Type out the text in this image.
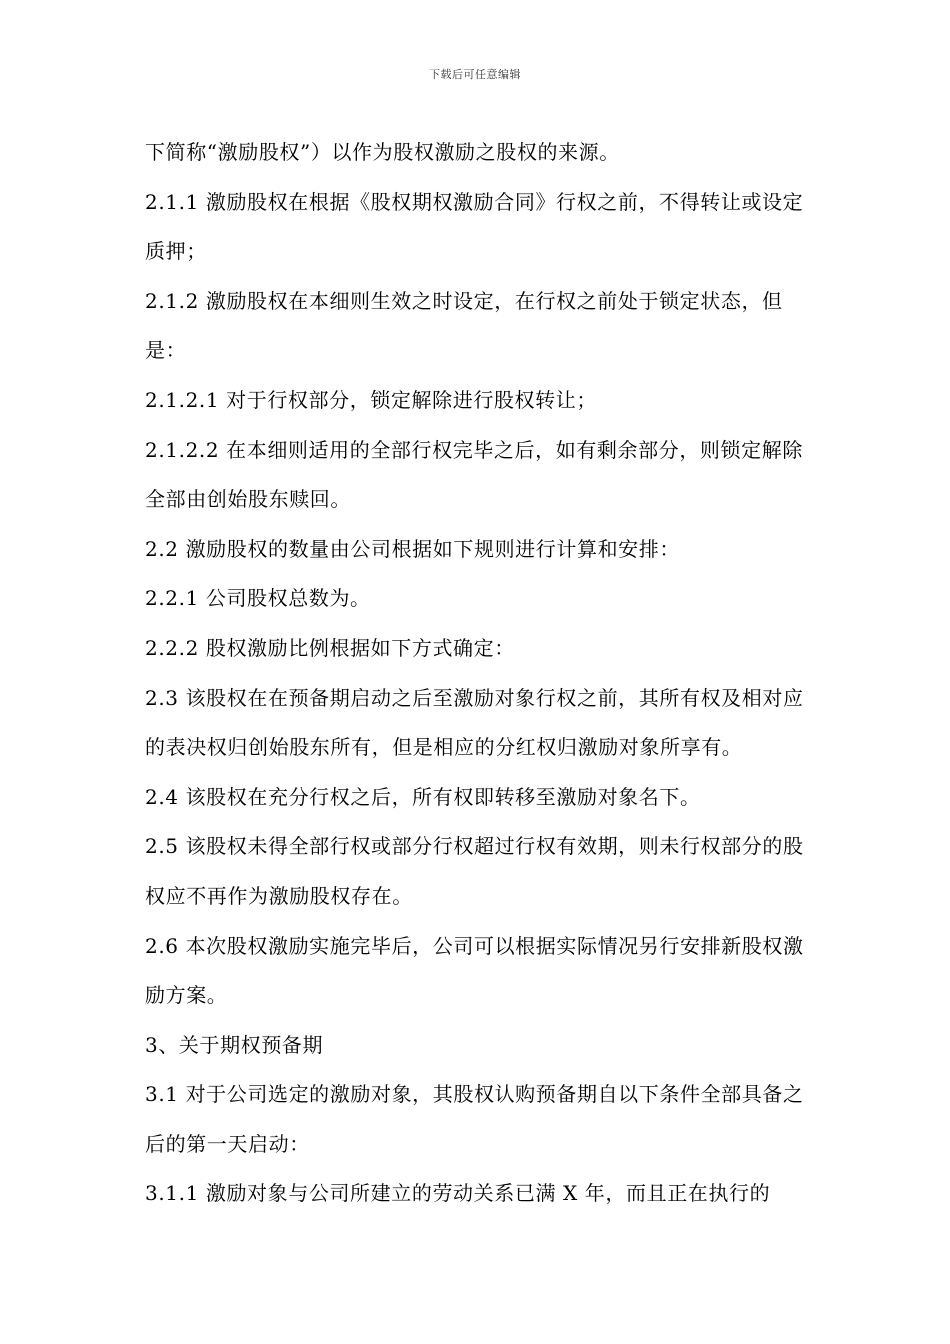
下载后可任意编辑

下简称“激励股权”）以作为股权激励之股权的来源。

2.1.1 激励股权在根据《股权期权激励合同》行权之前，不得转让或设定质押；

2.1.2 激励股权在本细则生效之时设定，在行权之前处于锁定状态，但是：

2.1.2.1 对于行权部分，锁定解除进行股权转让；

2.1.2.2 在本细则适用的全部行权完毕之后，如有剩余部分，则锁定解除全部由创始股东赎回。

2.2 激励股权的数量由公司根据如下规则进行计算和安排：

2.2.1 公司股权总数为。

2.2.2 股权激励比例根据如下方式确定：

2.3 该股权在在预备期启动之后至激励对象行权之前，其所有权及相对应的表决权归创始股东所有，但是相应的分红权归激励对象所享有。2.4 该股权在充分行权之后，所有权即转移至激励对象名下。

2.5 该股权未得全部行权或部分行权超过行权有效期，则未行权部分的股权应不再作为激励股权存在。

2.6 本次股权激励实施完毕后，公司可以根据实际情况另行安排新股权激励方案。

3、关于期权预备期

3.1 对于公司选定的激励对象，其股权认购预备期自以下条件全部具备之后的第一天启动：

3.1.1 激励对象与公司所建立的劳动关系已满 X 年，而且正在执行的
